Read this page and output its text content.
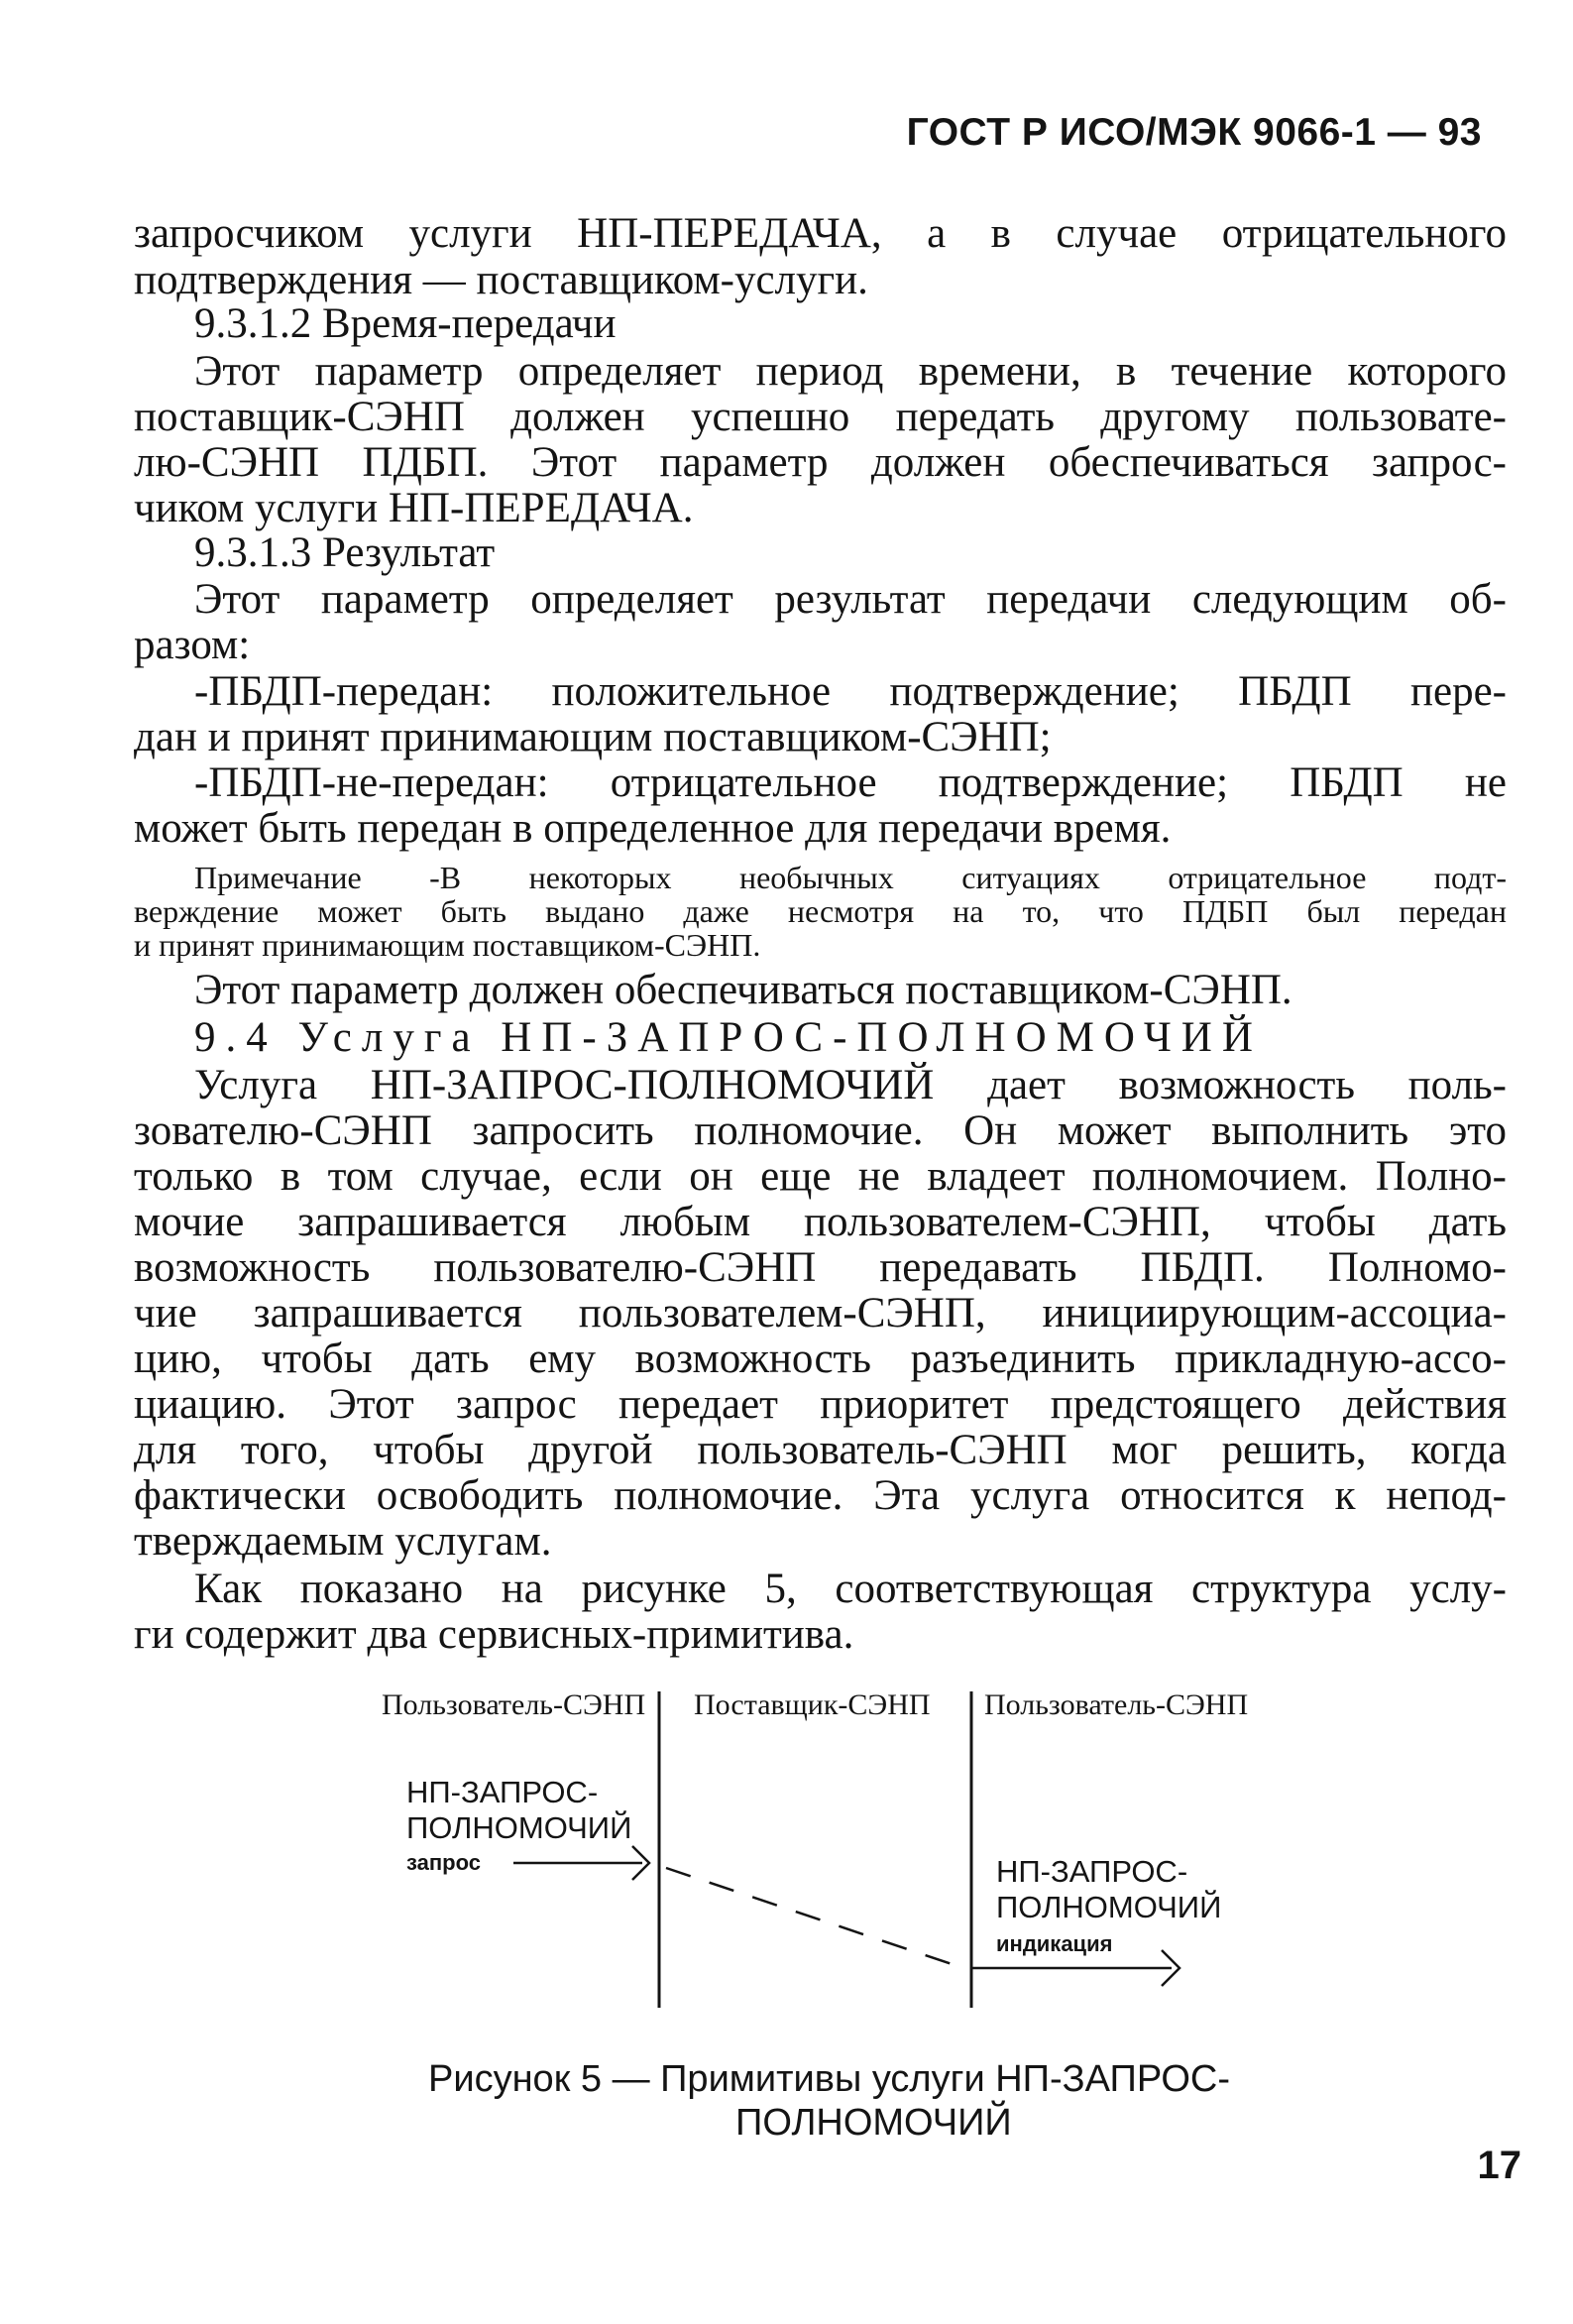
ГОСТ Р ИСО/МЭК 9066-1 — 93
запросчиком услуги НП-ПЕРЕДАЧА, а в случае отрицательного
подтверждения — поставщиком-услуги.
9.3.1.2 Время-передачи
Этот параметр определяет период времени, в течение которого
поставщик-СЭНП должен успешно передать другому пользовате-
лю-СЭНП ПДБП. Этот параметр должен обеспечиваться запрос-
чиком услуги НП-ПЕРЕДАЧА.
9.3.1.3 Результат
Этот параметр определяет результат передачи следующим об-
разом:
-ПБДП-передан: положительное подтверждение; ПБДП пере-
дан и принят принимающим поставщиком-СЭНП;
-ПБДП-не-передан: отрицательное подтверждение; ПБДП не
может быть передан в определенное для передачи время.
Примечание -В некоторых необычных ситуациях отрицательное подт-
верждение может быть выдано даже несмотря на то, что ПДБП был передан
и принят принимающим поставщиком-СЭНП.
Этот параметр должен обеспечиваться поставщиком-СЭНП.
9.4 Услуга НП-ЗАПРОС-ПОЛНОМОЧИЙ
Услуга НП-ЗАПРОС-ПОЛНОМОЧИЙ дает возможность поль-
зователю-СЭНП запросить полномочие. Он может выполнить это
только в том случае, если он еще не владеет полномочием. Полно-
мочие запрашивается любым пользователем-СЭНП, чтобы дать
возможность пользователю-СЭНП передавать ПБДП. Полномо-
чие запрашивается пользователем-СЭНП, инициирующим-ассоциа-
цию, чтобы дать ему возможность разъединить прикладную-ассо-
циацию. Этот запрос передает приоритет предстоящего действия
для того, чтобы другой пользователь-СЭНП мог решить, когда
фактически освободить полномочие. Эта услуга относится к непод-
тверждаемым услугам.
Как показано на рисунке 5, соответствующая структура услу-
ги содержит два сервисных-примитива.
Пользователь-СЭНП Поставщик-СЭНП Пользователь-СЭНП
НП-ЗАПРОС-
ПОЛНОМОЧИЙ
запрос	НП-ЗАПРОС-
ПОЛНОМОЧИЙ
индикация
Рисунок 5 — Примитивы услуги НП-ЗАПРОС-
ПОЛНОМОЧИЙ
17
